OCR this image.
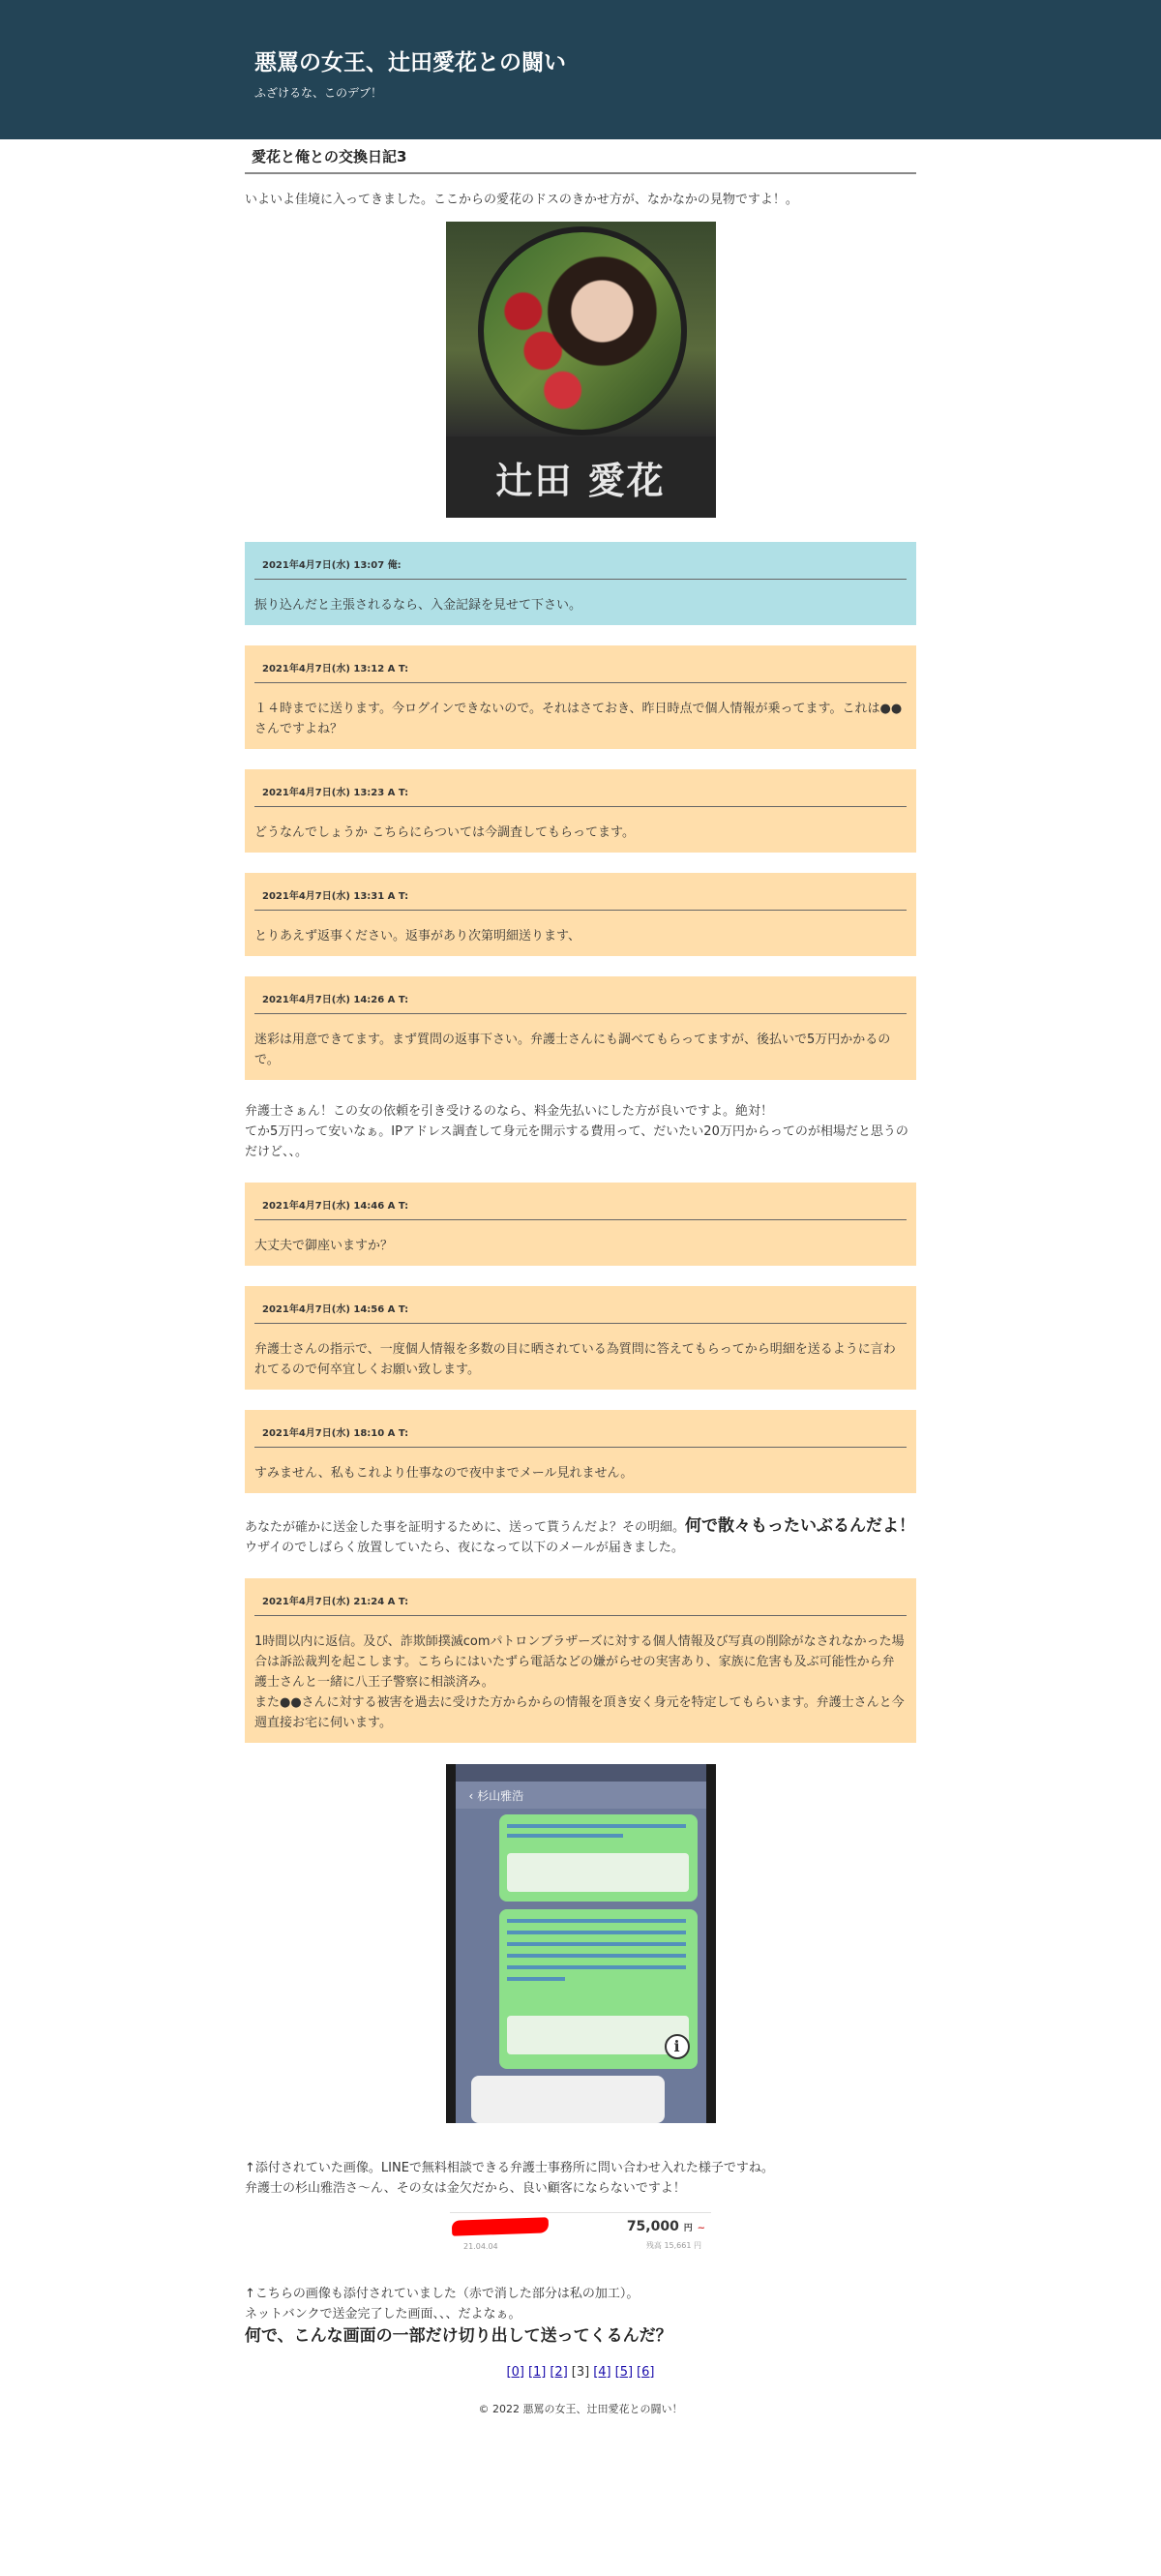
悪罵の女王、辻田愛花との闘い
ふざけるな、このデブ！
愛花と俺との交換日記3

いよいよ佳境に入ってきました。ここからの愛花のドスのきかせ方が、なかなかの見物ですよ！。

辻田 愛花
2021年4月7日(水) 13:07 俺:
振り込んだと主張されるなら、入金記録を見せて下さい。
2021年4月7日(水) 13:12 A T:
１４時までに送ります。今ログインできないので。それはさておき、昨日時点で個人情報が乗ってます。これは●●さんですよね？
2021年4月7日(水) 13:23 A T:
どうなんでしょうか こちらにらついては今調査してもらってます。
2021年4月7日(水) 13:31 A T:
とりあえず返事ください。返事があり次第明細送ります、
2021年4月7日(水) 14:26 A T:
迷彩は用意できてます。まず質問の返事下さい。弁護士さんにも調べてもらってますが、後払いで5万円かかるので。

弁護士さぁん！この女の依頼を引き受けるのなら、料金先払いにした方が良いですよ。絶対！

てか5万円って安いなぁ。IPアドレス調査して身元を開示する費用って、だいたい20万円からってのが相場だと思うのだけど、、。

2021年4月7日(水) 14:46 A T:
大丈夫で御座いますか？
2021年4月7日(水) 14:56 A T:
弁護士さんの指示で、一度個人情報を多数の目に晒されている為質問に答えてもらってから明細を送るように言われてるので何卒宜しくお願い致します。
2021年4月7日(水) 18:10 A T:
すみません、私もこれより仕事なので夜中までメール見れません。

あなたが確かに送金した事を証明するために、送って貰うんだよ？その明細。何で散々もったいぶるんだよ！

ウザイのでしばらく放置していたら、夜になって以下のメールが届きました。

2021年4月7日(水) 21:24 A T:

1時間以内に返信。及び、詐欺師撲滅comパトロンブラザーズに対する個人情報及び写真の削除がなされなかった場合は訴訟裁判を起こします。こちらにはいたずら電話などの嫌がらせの実害あり、家族に危害も及ぶ可能性から弁護士さんと一緒に八王子警察に相談済み。

また●●さんに対する被害を過去に受けた方からからの情報を頂き安く身元を特定してもらいます。弁護士さんと今週直接お宅に伺います。

‹ 杉山雅浩
i

↑添付されていた画像。LINEで無料相談できる弁護士事務所に問い合わせ入れた様子ですね。

弁護士の杉山雅浩さ～ん、その女は金欠だから、良い顧客にならないですよ！

21.04.04
75,000 円 ~
残高 15,661 円

↑こちらの画像も添付されていました（赤で消した部分は私の加工）。

ネットバンクで送金完了した画面、、、だよなぁ。

何で、こんな画面の一部だけ切り出して送ってくるんだ？

[0] [1] [2] [3] [4] [5] [6]
© 2022 悪罵の女王、辻田愛花との闘い！
